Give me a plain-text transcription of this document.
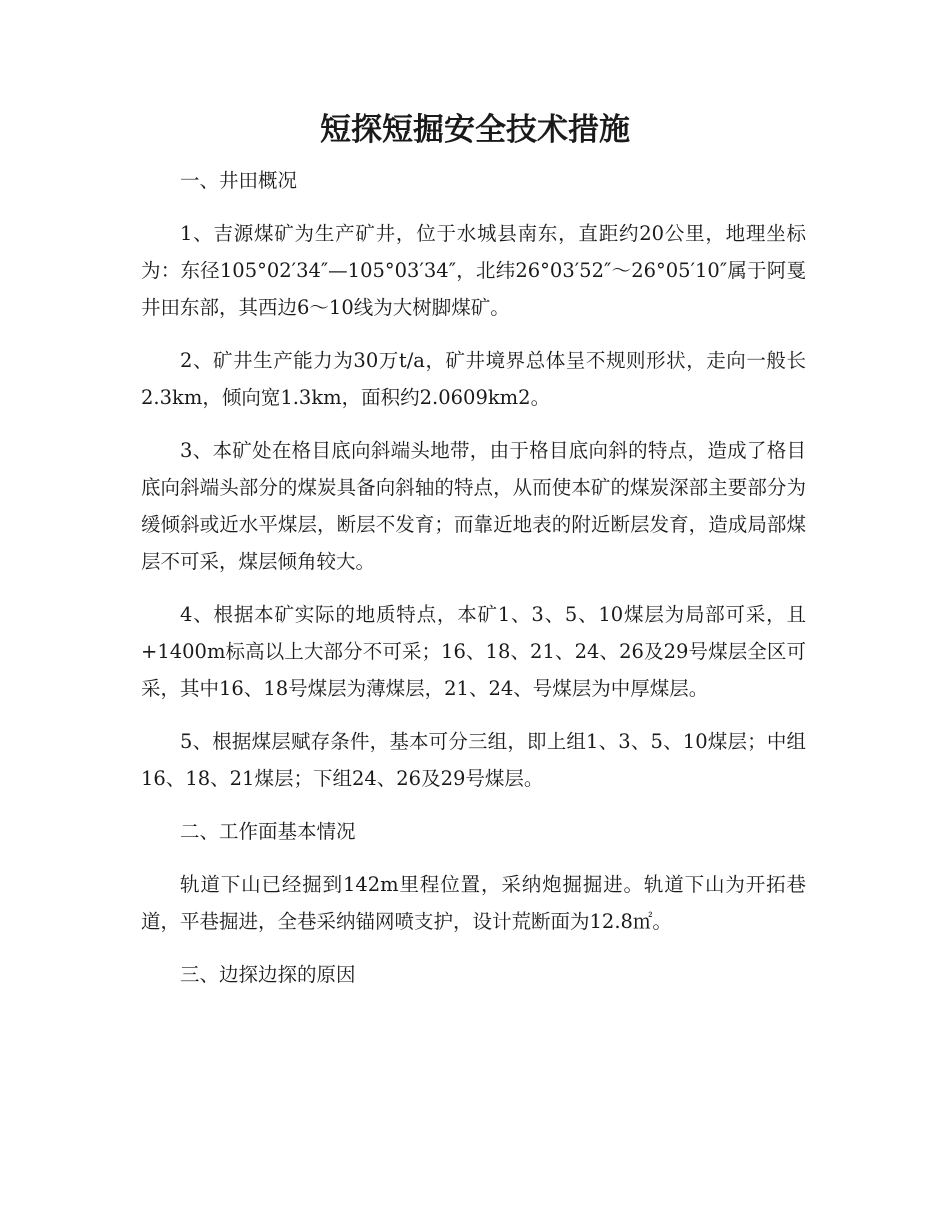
短探短掘安全技术措施

一、井田概况

1、吉源煤矿为生产矿井，位于水城县南东，直距约20公里，地理坐标为：东径105°02′34″—105°03′34″，北纬26°03′52″～26°05′10″属于阿戛井田东部，其西边6～10线为大树脚煤矿。

2、矿井生产能力为30万t/a，矿井境界总体呈不规则形状，走向一般长2.3km，倾向宽1.3km，面积约2.0609km2。

3、本矿处在格目底向斜端头地带，由于格目底向斜的特点，造成了格目底向斜端头部分的煤炭具备向斜轴的特点，从而使本矿的煤炭深部主要部分为缓倾斜或近水平煤层，断层不发育；而靠近地表的附近断层发育，造成局部煤层不可采，煤层倾角较大。

4、根据本矿实际的地质特点，本矿1、3、5、10煤层为局部可采，且+1400m标高以上大部分不可采；16、18、21、24、26及29号煤层全区可采，其中16、18号煤层为薄煤层，21、24、号煤层为中厚煤层。

5、根据煤层赋存条件，基本可分三组，即上组1、3、5、10煤层；中组16、18、21煤层；下组24、26及29号煤层。

二、工作面基本情况

轨道下山已经掘到142m里程位置，采纳炮掘掘进。轨道下山为开拓巷道，平巷掘进，全巷采纳锚网喷支护，设计荒断面为12.8㎡。

三、边探边探的原因
